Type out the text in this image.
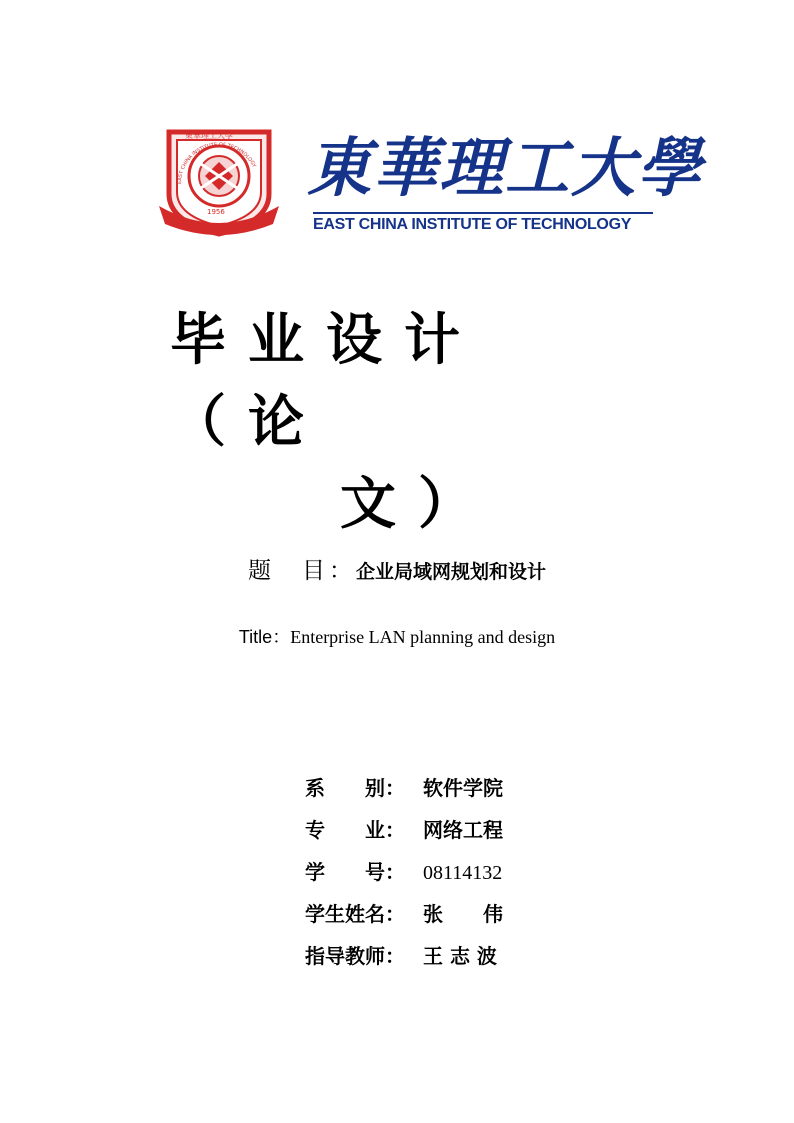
東華理工大學
1956
EAST CHINA INSTITUTE OF TECHNOLOGY 東華理工大學
EAST CHINA INSTITUTE OF TECHNOLOGY
毕业设计（论
文）
题　目：企业局域网规划和设计
Title：Enterprise LAN planning and design
系　　别： 软件学院
专　　业： 网络工程
学　　号： 08114132
学生姓名： 张　　伟
指导教师： 王 志 波
